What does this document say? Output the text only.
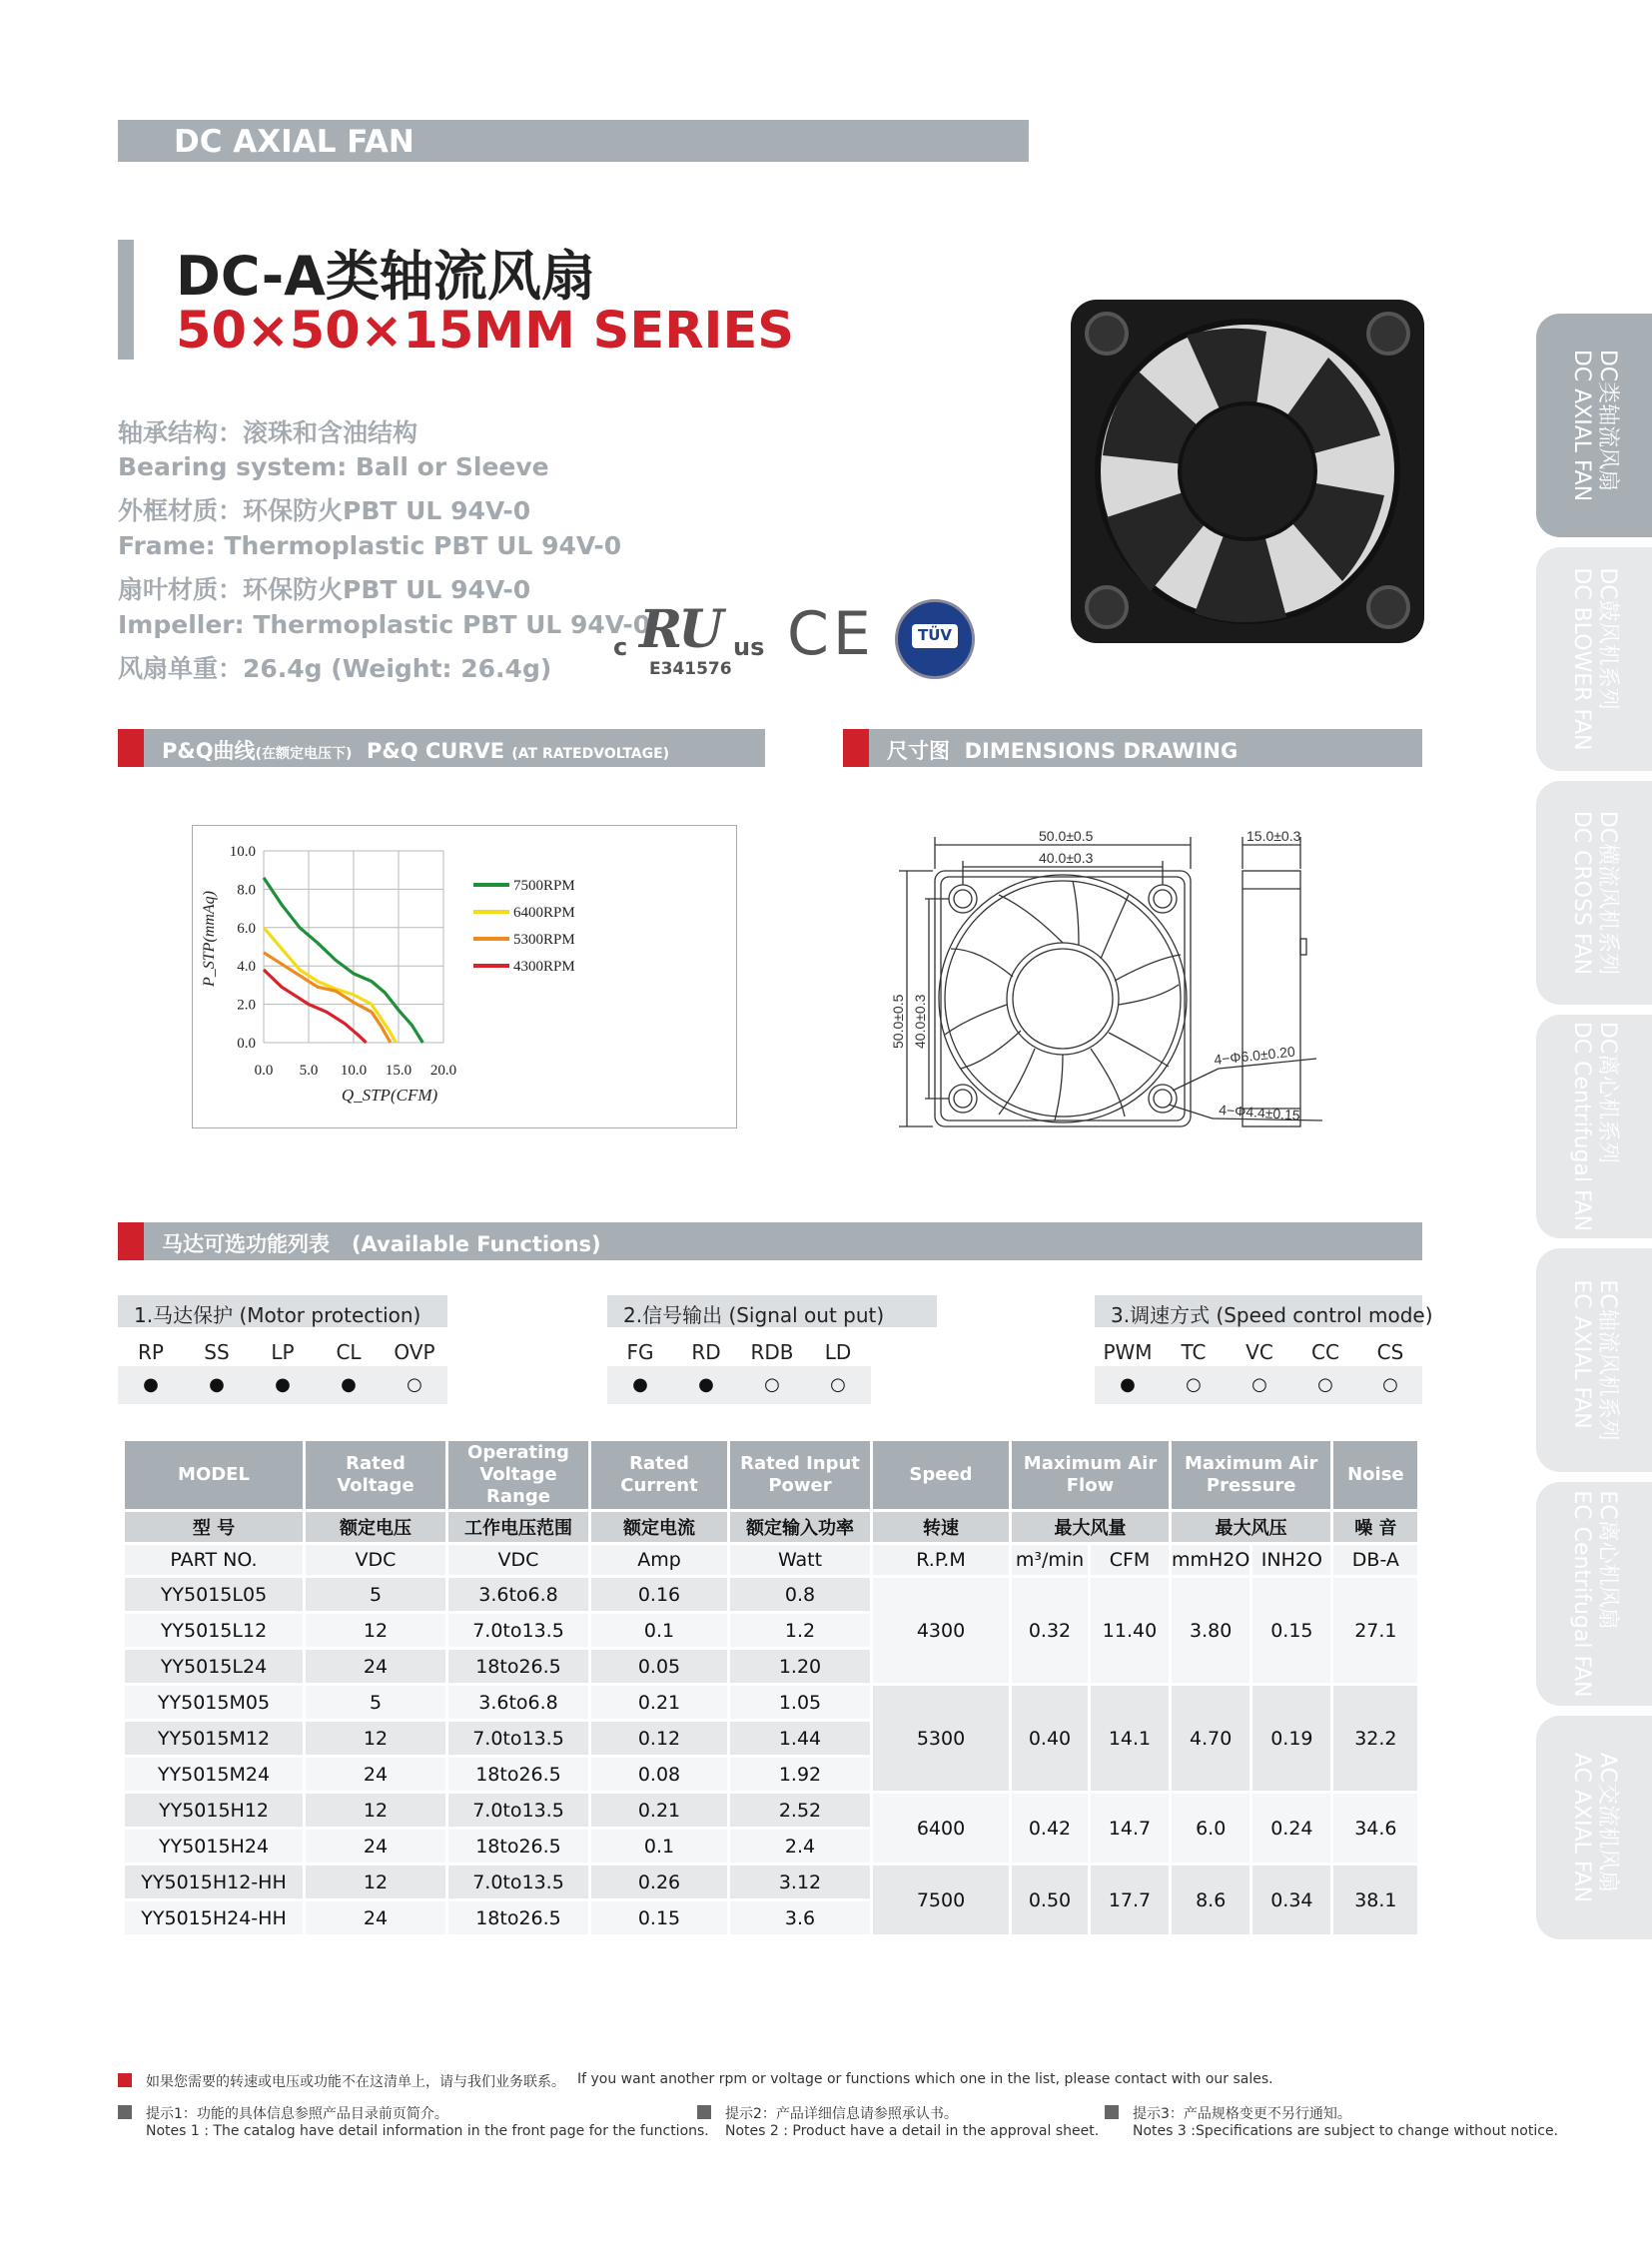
DC AXIAL FAN
DC-A类轴流风扇
50×50×15MM SERIES
轴承结构：滚珠和含油结构
Bearing system: Ball or Sleeve
外框材质：环保防火PBT UL 94V-0
Frame: Thermoplastic PBT UL 94V-0
扇叶材质：环保防火PBT UL 94V-0
Impeller: Thermoplastic PBT UL 94V-0
风扇单重：26.4g (Weight: 26.4g)
c RU us
E341576 CE	TÜV
P&Q曲线(在额定电压下) P&Q CURVE (AT RATEDVOLTAGE)	尺寸图 DIMENSIONS DRAWING
0.0 5.0 10.0 15.0 20.0
0.0
2.0
4.0
6.0
8.0
10.0
7500RPM
6400RPM
5300RPM
4300RPM
Q_STP(CFM)
P_STP(mmAq)
50.0±0.5
40.0±0.3
15.0±0.3
50.0±0.5 40.0±0.3
4−Φ6.0±0.20
4−Φ4.4±0.15
马达可选功能列表 (Available Functions)
1.马达保护 (Motor protection)
RP	SS	LP	CL	OVP
●	●	●	●	○
2.信号输出 (Signal out put)
FG	RD	RDB	LD
●	●	○	○
3.调速方式 (Speed control mode)
PWM	TC	VC	CC	CS
●	○	○	○	○
MODEL	Rated Voltage	Operating Voltage Range	Rated Current	Rated Input Power	Speed	Maximum Air Flow		Maximum Air Pressure		Noise
型 号	额定电压	工作电压范围	额定电流	额定输入功率	转速	最大风量		最大风压		噪 音
PART NO.	VDC	VDC	Amp	Watt	R.P.M	m³/min	CFM	mmH2O	INH2O	DB-A
YY5015L05	5	3.6to6.8	0.16	0.8	4300	0.32	11.40	3.80	0.15	27.1
YY5015L12	12	7.0to13.5	0.1	1.2						
YY5015L24	24	18to26.5	0.05	1.20						
YY5015M05	5	3.6to6.8	0.21	1.05	5300	0.40	14.1	4.70	0.19	32.2
YY5015M12	12	7.0to13.5	0.12	1.44						
YY5015M24	24	18to26.5	0.08	1.92						
YY5015H12	12	7.0to13.5	0.21	2.52	6400	0.42	14.7	6.0	0.24	34.6
YY5015H24	24	18to26.5	0.1	2.4						
YY5015H12-HH	12	7.0to13.5	0.26	3.12	7500	0.50	17.7	8.6	0.34	38.1
YY5015H24-HH	24	18to26.5	0.15	3.6						
DC类轴流风扇
DC AXIAL FAN
DC鼓风机系列
DC BLOWER FAN
DC横流风机系列
DC CROSS FAN
DC离心机系列
DC Centrifugal FAN
EC轴流风机系列
EC AXIAL FAN
EC离心机风扇
EC Centrifugal FAN
AC交流机风扇
AC AXIAL FAN
如果您需要的转速或电压或功能不在这清单上，请与我们业务联系。 If you want another rpm or voltage or functions which one in the list, please contact with our sales.
提示1：功能的具体信息参照产品目录前页简介。
Notes 1 : The catalog have detail information in the front page for the functions.
提示2：产品详细信息请参照承认书。
Notes 2 : Product have a detail in the approval sheet.
提示3：产品规格变更不另行通知。
Notes 3 :Specifications are subject to change without notice.
